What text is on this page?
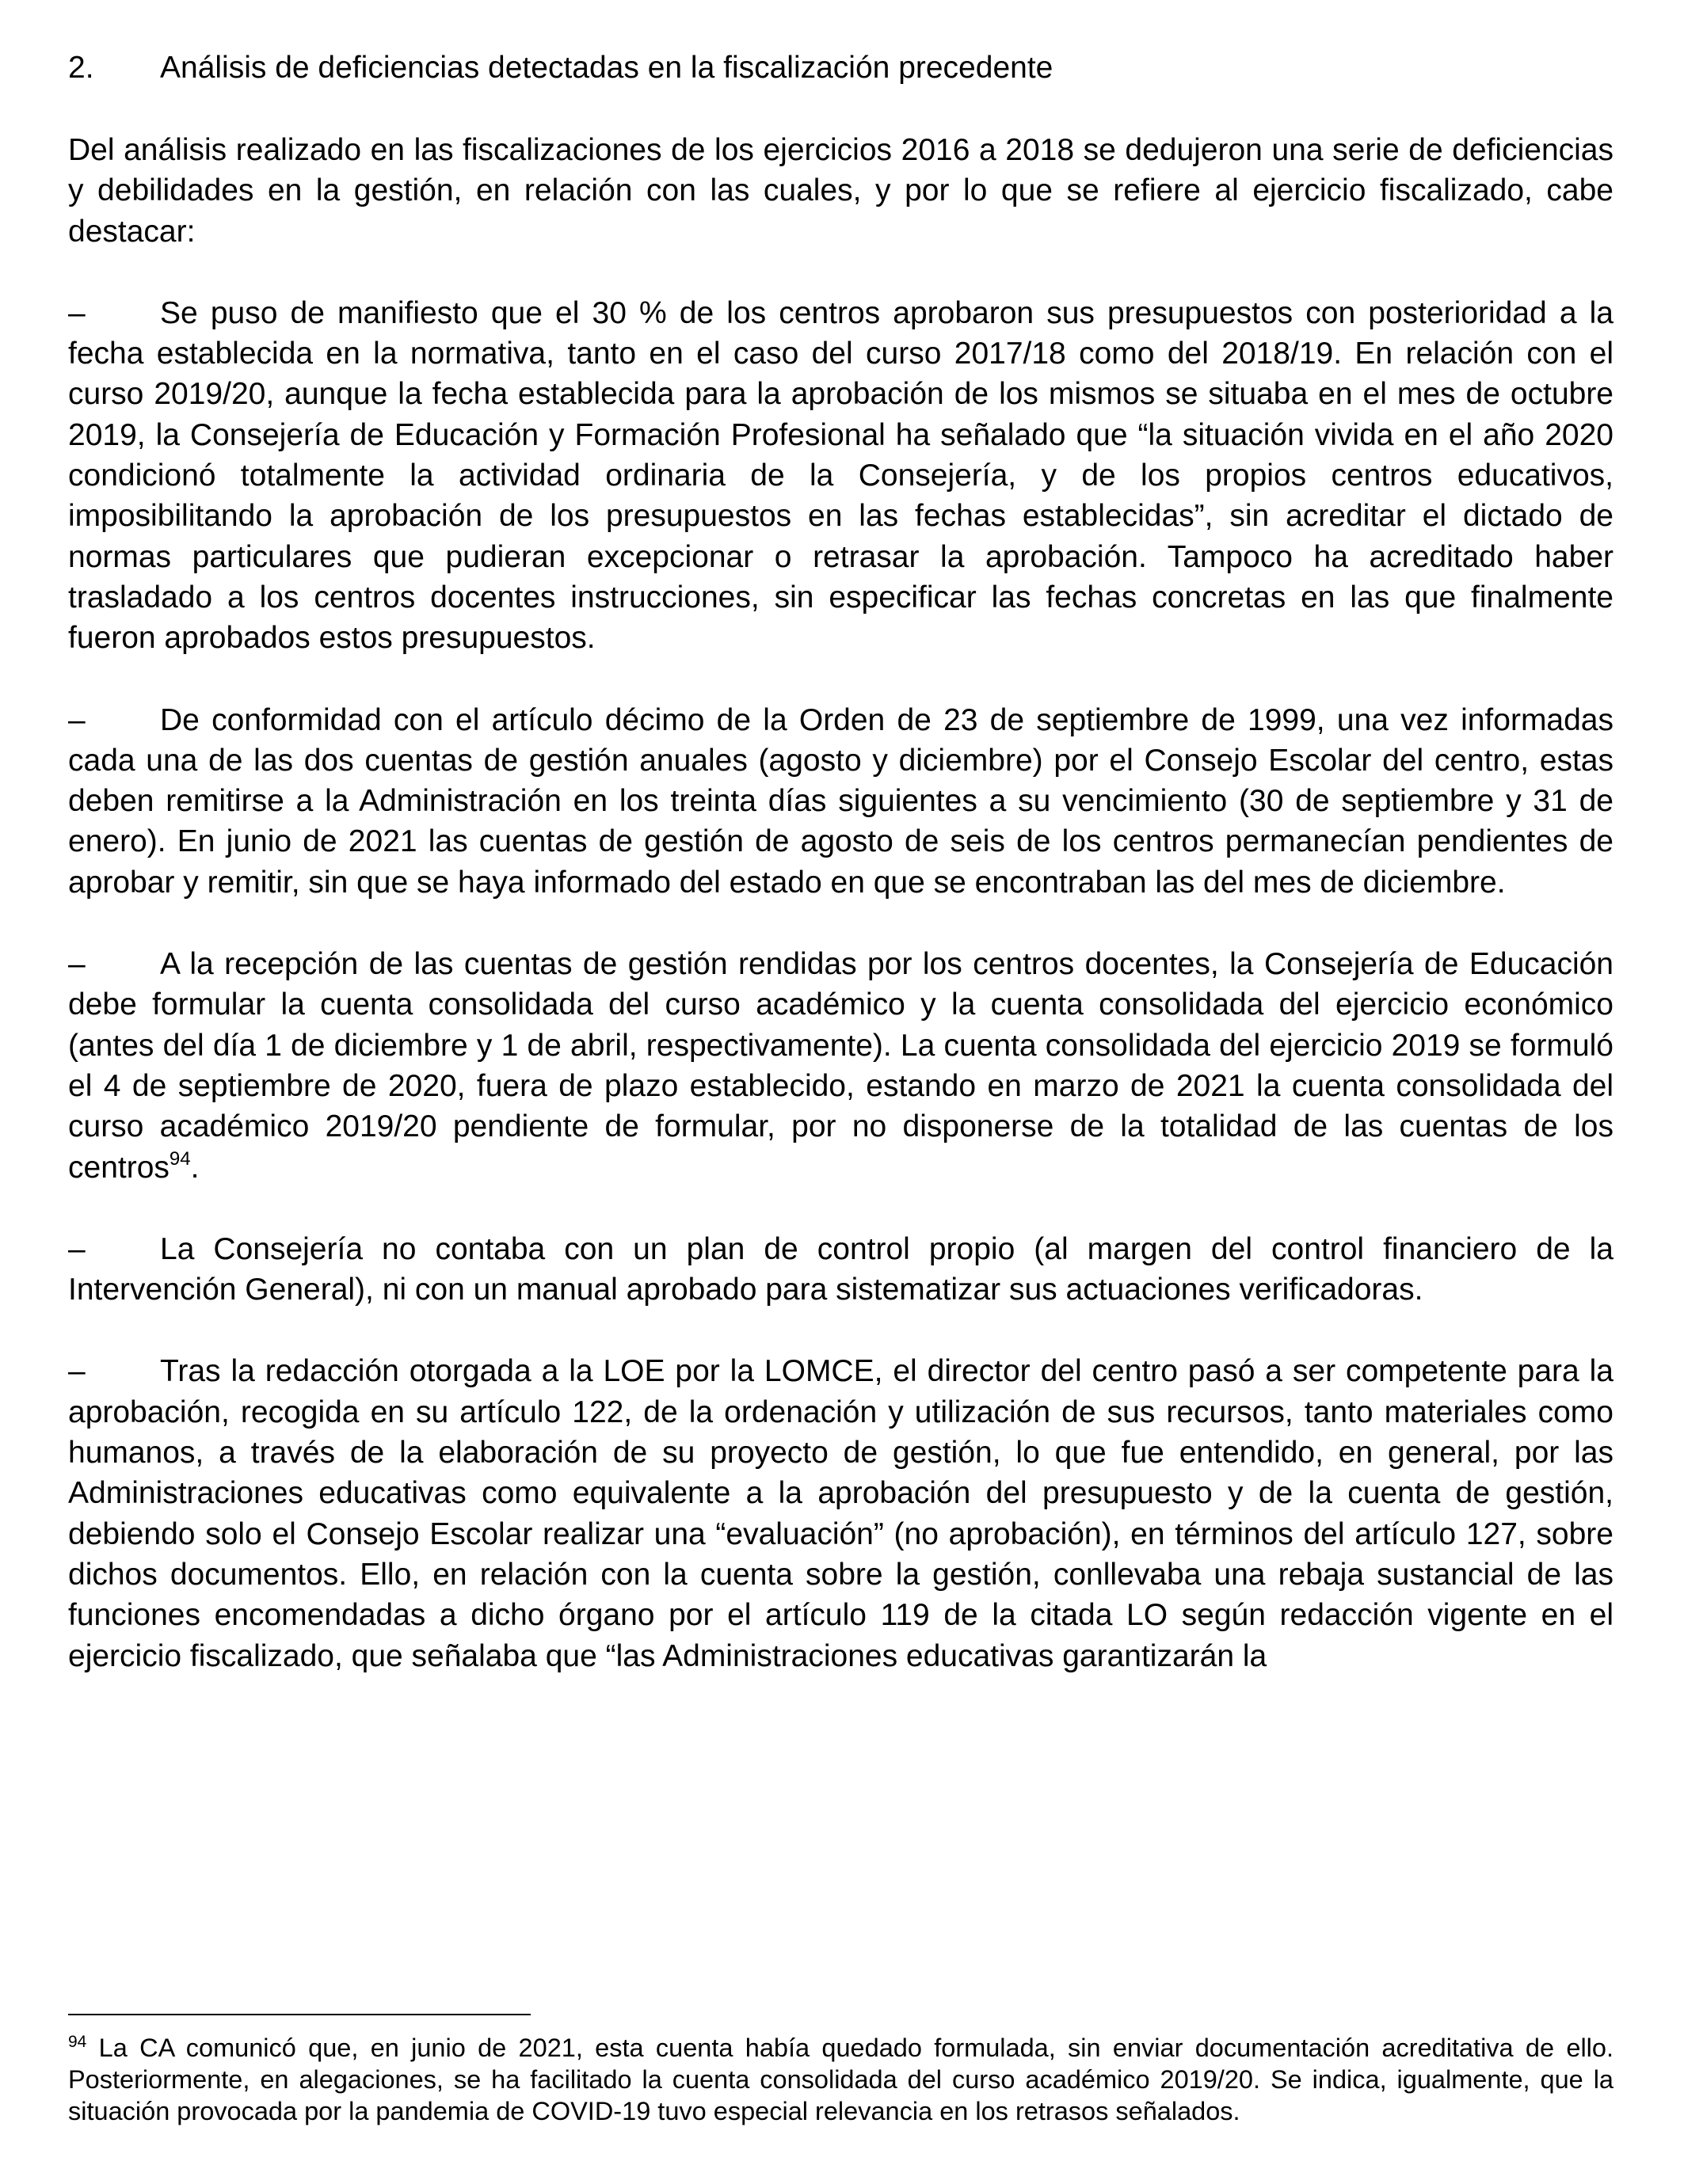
2.	Análisis de deficiencias detectadas en la fiscalización precedente

Del análisis realizado en las fiscalizaciones de los ejercicios 2016 a 2018 se dedujeron una serie de deficiencias y debilidades en la gestión, en relación con las cuales, y por lo que se refiere al ejercicio fiscalizado, cabe destacar:

– Se puso de manifiesto que el 30 % de los centros aprobaron sus presupuestos con posterioridad a la fecha establecida en la normativa, tanto en el caso del curso 2017/18 como del 2018/19. En relación con el curso 2019/20, aunque la fecha establecida para la aprobación de los mismos se situaba en el mes de octubre 2019, la Consejería de Educación y Formación Profesional ha señalado que “la situación vivida en el año 2020 condicionó totalmente la actividad ordinaria de la Consejería, y de los propios centros educativos, imposibilitando la aprobación de los presupuestos en las fechas establecidas”, sin acreditar el dictado de normas particulares que pudieran excepcionar o retrasar la aprobación. Tampoco ha acreditado haber trasladado a los centros docentes instrucciones, sin especificar las fechas concretas en las que finalmente fueron aprobados estos presupuestos.

– De conformidad con el artículo décimo de la Orden de 23 de septiembre de 1999, una vez informadas cada una de las dos cuentas de gestión anuales (agosto y diciembre) por el Consejo Escolar del centro, estas deben remitirse a la Administración en los treinta días siguientes a su vencimiento (30 de septiembre y 31 de enero). En junio de 2021 las cuentas de gestión de agosto de seis de los centros permanecían pendientes de aprobar y remitir, sin que se haya informado del estado en que se encontraban las del mes de diciembre.

– A la recepción de las cuentas de gestión rendidas por los centros docentes, la Consejería de Educación debe formular la cuenta consolidada del curso académico y la cuenta consolidada del ejercicio económico (antes del día 1 de diciembre y 1 de abril, respectivamente). La cuenta consolidada del ejercicio 2019 se formuló el 4 de septiembre de 2020, fuera de plazo establecido, estando en marzo de 2021 la cuenta consolidada del curso académico 2019/20 pendiente de formular, por no disponerse de la totalidad de las cuentas de los centros$^{94}$.

– La Consejería no contaba con un plan de control propio (al margen del control financiero de la Intervención General), ni con un manual aprobado para sistematizar sus actuaciones verificadoras.

– Tras la redacción otorgada a la LOE por la LOMCE, el director del centro pasó a ser competente para la aprobación, recogida en su artículo 122, de la ordenación y utilización de sus recursos, tanto materiales como humanos, a través de la elaboración de su proyecto de gestión, lo que fue entendido, en general, por las Administraciones educativas como equivalente a la aprobación del presupuesto y de la cuenta de gestión, debiendo solo el Consejo Escolar realizar una “evaluación” (no aprobación), en términos del artículo 127, sobre dichos documentos. Ello, en relación con la cuenta sobre la gestión, conllevaba una rebaja sustancial de las funciones encomendadas a dicho órgano por el artículo 119 de la citada LO según redacción vigente en el ejercicio fiscalizado, que señalaba que “las Administraciones educativas garantizarán la

$^{94}$ La CA comunicó que, en junio de 2021, esta cuenta había quedado formulada, sin enviar documentación acreditativa de ello. Posteriormente, en alegaciones, se ha facilitado la cuenta consolidada del curso académico 2019/20. Se indica, igualmente, que la situación provocada por la pandemia de COVID-19 tuvo especial relevancia en los retrasos señalados.
